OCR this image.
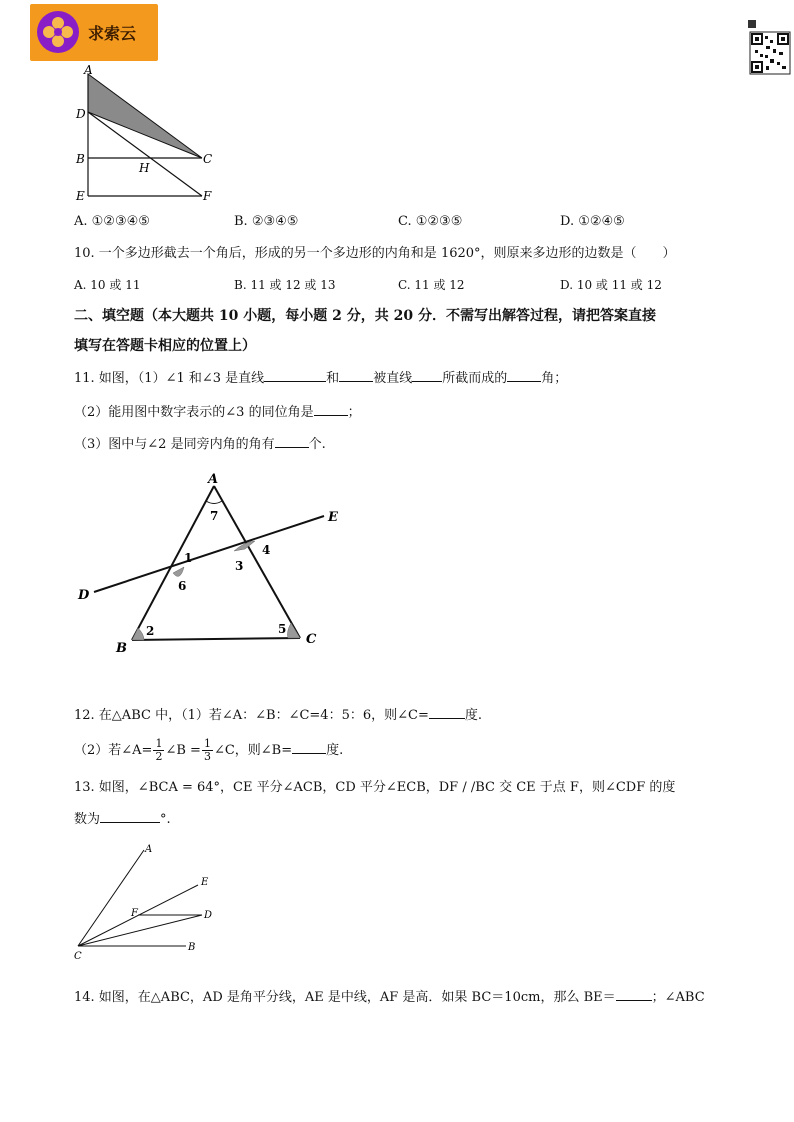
求索云
A
D
B
H
C
E	F
A. ①②③④⑤	B. ②③④⑤	C. ①②③⑤	D. ①②④⑤
10. 一个多边形截去一个角后，形成的另一个多边形的内角和是 1620°，则原来多边形的边数是（　　）
A. 10 或 11	B. 11 或 12 或 13	C. 11 或 12	D. 10 或 11 或 12
二、填空题（本大题共 10 小题，每小题 2 分，共 20 分．不需写出解答过程，请把答案直接
填写在答题卡相应的位置上）
11. 如图，（1）∠1 和∠3 是直线	和	被直线 所截而成的	角；
（2）能用图中数字表示的∠3 的同位角是	；
（3）图中与∠2 是同旁内角的角有	个.
A
E
7
1
4
3
6
D
2	5
B
C
12. 在△ABC 中，（1）若∠A：∠B：∠C=4：5：6，则∠C=	度.
（2）若∠A= $\frac{1}{2}$ ∠B = $\frac{1}{3}$ ∠C，则∠B=	度.
13. 如图，∠BCA = 64°，CE 平分∠ACB，CD 平分∠ECB，DF / /BC 交 CE 于点 F，则∠CDF 的度
数为	°.
A
E
F	D
C
B
14. 如图，在△ABC，AD 是角平分线，AE 是中线，AF 是高．如果 BC＝10cm，那么 BE＝	；∠ABC
